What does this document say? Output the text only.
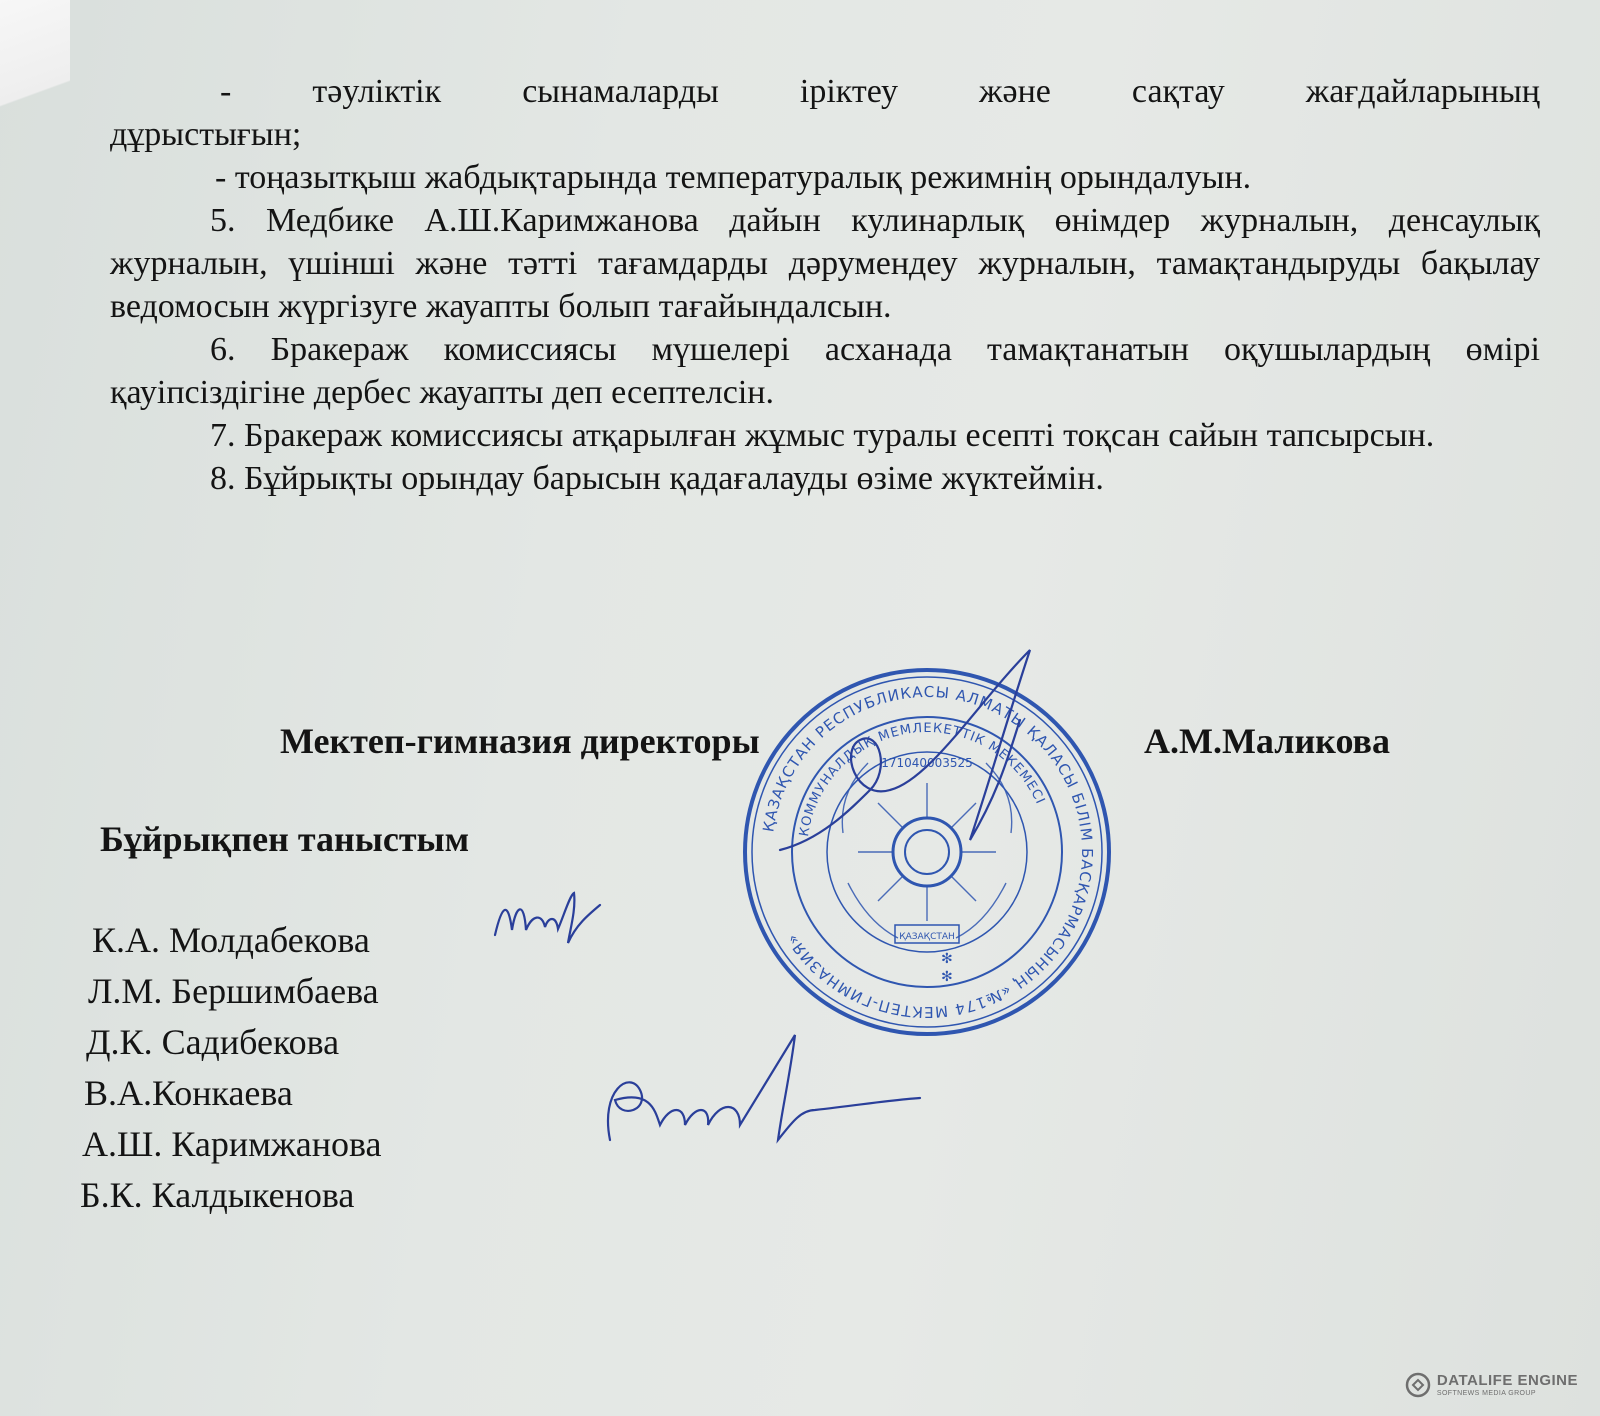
- тәуліктік сынамаларды іріктеу және сақтау жағдайларының дұрыстығын;

- тоңазытқыш жабдықтарында температуралық режимнің орындалуын.

5. Медбике А.Ш.Каримжанова дайын кулинарлық өнімдер журналын, денсаулық журналын, үшінші және тәтті тағамдарды дәрумендеу журналын, тамақтандыруды бақылау ведомосын жүргізуге жауапты болып тағайындалсын.

6. Бракераж комиссиясы мүшелері асханада тамақтанатын оқушылардың өмірі қауіпсіздігіне дербес жауапты деп есептелсін.

7. Бракераж комиссиясы атқарылған жұмыс туралы есепті тоқсан сайын тапсырсын.

8. Бұйрықты орындау барысын қадағалауды өзіме жүктеймін.

Мектеп-гимназия директоры	А.М.Маликова
Бұйрықпен таныстым
К.А. Молдабекова
Л.М. Бершимбаева
Д.К. Садибекова
В.А.Конкаева
А.Ш. Каримжанова
Б.К. Калдыкенова
ҚАЗАҚСТАН
ҚАЗАҚСТАН РЕСПУБЛИКАСЫ АЛМАТЫ ҚАЛАСЫ БІЛІМ БАСҚАРМАСЫНЫҢ «№174 МЕКТЕП-ГИМНАЗИЯ»
КОММУНАЛДЫҚ МЕМЛЕКЕТТІК МЕКЕМЕСІ
171040003525
✻
✻
DATALIFE ENGINE
SOFTNEWS MEDIA GROUP
